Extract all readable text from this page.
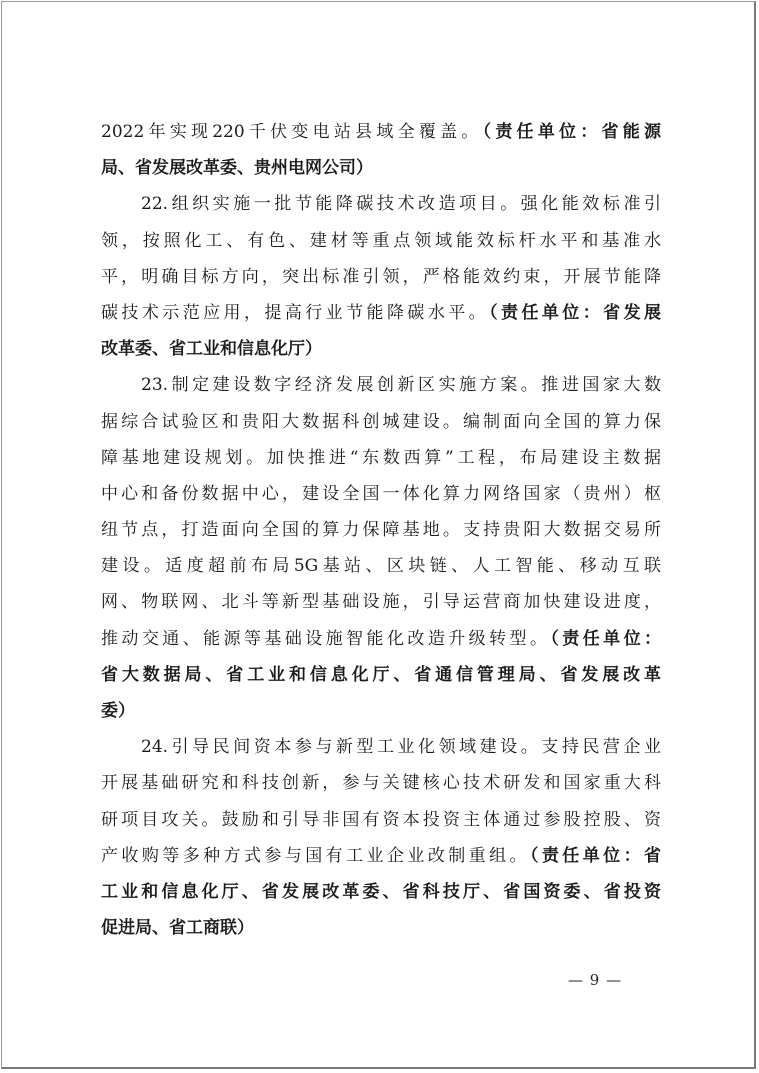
2022年实现220千伏变电站县域全覆盖。（责任单位：省能源
局、省发展改革委、贵州电网公司）
22.组织实施一批节能降碳技术改造项目。强化能效标准引
领，按照化工、有色、建材等重点领域能效标杆水平和基准水
平，明确目标方向，突出标准引领，严格能效约束，开展节能降
碳技术示范应用，提高行业节能降碳水平。（责任单位：省发展
改革委、省工业和信息化厅）
23.制定建设数字经济发展创新区实施方案。推进国家大数
据综合试验区和贵阳大数据科创城建设。编制面向全国的算力保
障基地建设规划。加快推进“东数西算”工程，布局建设主数据
中心和备份数据中心，建设全国一体化算力网络国家（贵州）枢
纽节点，打造面向全国的算力保障基地。支持贵阳大数据交易所
建设。适度超前布局5G基站、区块链、人工智能、移动互联
网、物联网、北斗等新型基础设施，引导运营商加快建设进度，
推动交通、能源等基础设施智能化改造升级转型。（责任单位：
省大数据局、省工业和信息化厅、省通信管理局、省发展改革
委）
24.引导民间资本参与新型工业化领域建设。支持民营企业
开展基础研究和科技创新，参与关键核心技术研发和国家重大科
研项目攻关。鼓励和引导非国有资本投资主体通过参股控股、资
产收购等多种方式参与国有工业企业改制重组。（责任单位：省
工业和信息化厅、省发展改革委、省科技厅、省国资委、省投资
促进局、省工商联）
— 9 —
